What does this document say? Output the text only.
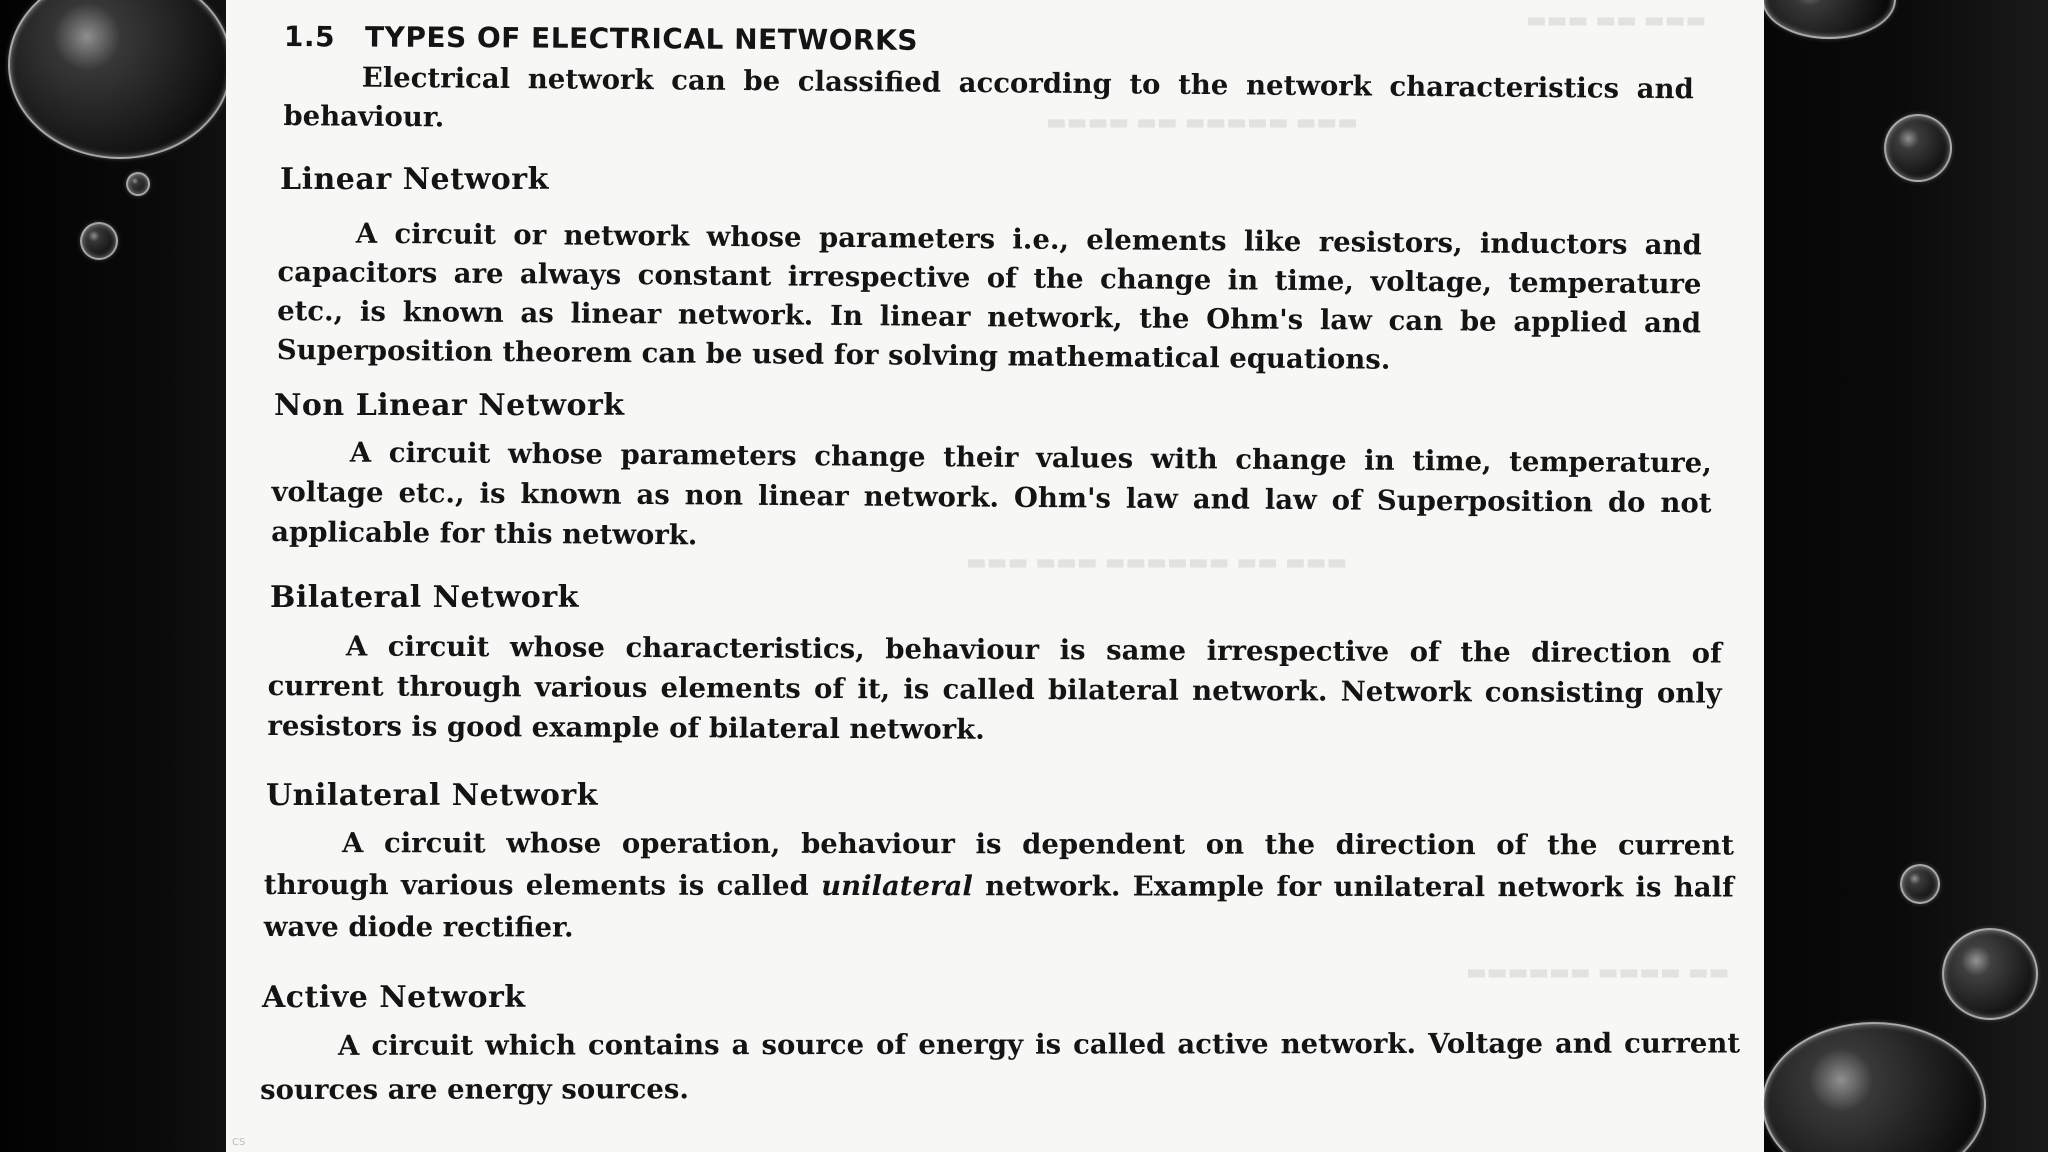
▬▬▬ ▬▬ ▬▬▬
▬▬▬▬ ▬▬ ▬▬▬▬▬ ▬▬▬
▬▬▬ ▬▬▬ ▬▬▬▬▬▬ ▬▬ ▬▬▬
▬▬▬▬▬▬ ▬▬▬▬ ▬▬
1.5 TYPES OF ELECTRICAL NETWORKS

Electrical network can be classified according to the network characteristics and behaviour.

Linear Network

A circuit or network whose parameters i.e., elements like resistors, inductors and capacitors are always constant irrespective of the change in time, voltage, temperature etc., is known as linear network. In linear network, the Ohm's law can be applied and Superposition theorem can be used for solving mathematical equations.

Non Linear Network

A circuit whose parameters change their values with change in time, temperature, voltage etc., is known as non linear network. Ohm's law and law of Superposition do not applicable for this network.

Bilateral Network

A circuit whose characteristics, behaviour is same irrespective of the direction of current through various elements of it, is called bilateral network. Network consisting only resistors is good example of bilateral network.

Unilateral Network

A circuit whose operation, behaviour is dependent on the direction of the current through various elements is called unilateral network. Example for unilateral network is half wave diode rectifier.

Active Network

A circuit which contains a source of energy is called active network. Voltage and current sources are energy sources.

CS
